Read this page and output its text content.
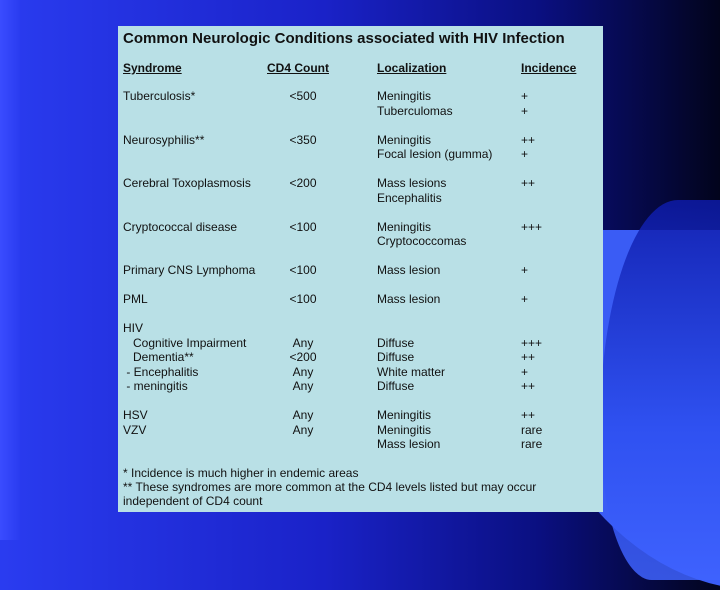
Common Neurologic Conditions associated with HIV Infection
Syndrome	CD4 Count	Localization	Incidence
Tuberculosis*	<500	Meningitis	+
		Tuberculomas	+

Neurosyphilis**	<350	Meningitis	++
		Focal lesion (gumma)	+

Cerebral Toxoplasmosis	<200	Mass lesions	++
		Encephalitis	

Cryptococcal disease	<100	Meningitis	+++
		Cryptococcomas	

Primary CNS Lymphoma	<100	Mass lesion	+

PML	<100	Mass lesion	+

HIV			
Cognitive Impairment	Any	Diffuse	+++
Dementia**	<200	Diffuse	++
- Encephalitis	Any	White matter	+
- meningitis	Any	Diffuse	++

HSV	Any	Meningitis	++
VZV	Any	Meningitis	rare
		Mass lesion	rare
* Incidence is much higher in endemic areas
** These syndromes are more common at the CD4 levels listed but may occur independent of CD4 count
